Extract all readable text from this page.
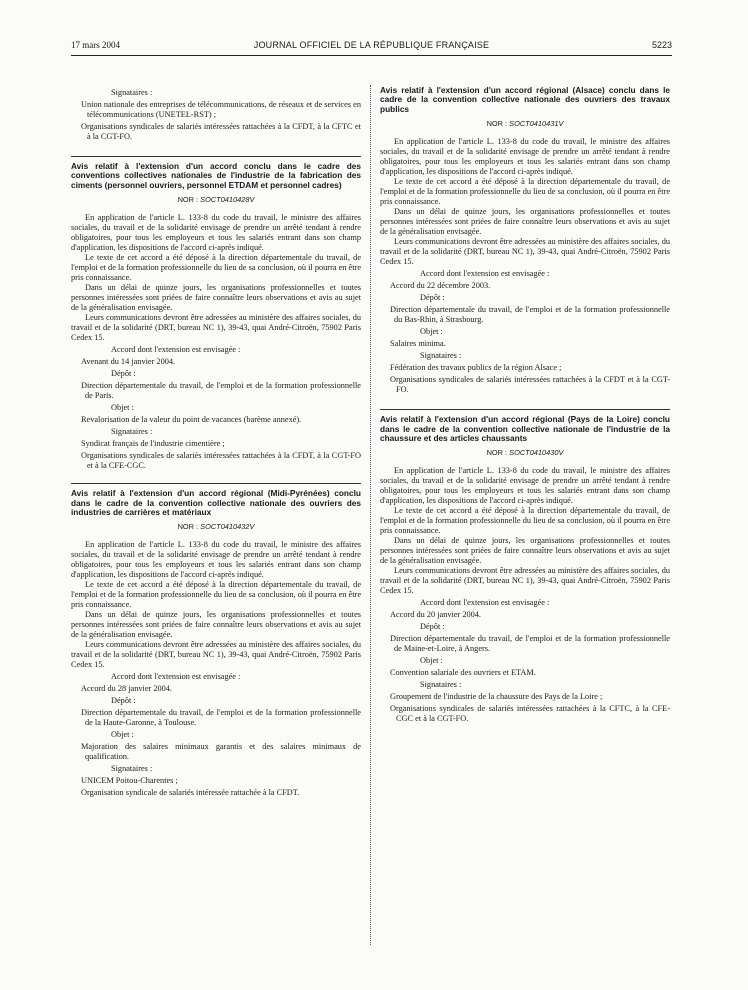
17 mars 2004	JOURNAL OFFICIEL DE LA RÉPUBLIQUE FRANÇAISE	5223

Signataires :

Union nationale des entreprises de télécommunications, de réseaux et de services en télécommunications (UNETEL-RST) ;

Organisations syndicales de salariés intéressées rattachées à la CFDT, à la CFTC et à la CGT-FO.

Avis relatif à l'extension d'un accord conclu dans le cadre des conventions collectives nationales de l'industrie de la fabrication des ciments (personnel ouvriers, personnel ETDAM et personnel cadres)
NOR : SOCT0410428V

En application de l'article L. 133-8 du code du travail, le ministre des affaires sociales, du travail et de la solidarité envisage de prendre un arrêté tendant à rendre obligatoires, pour tous les employeurs et tous les salariés entrant dans son champ d'application, les dispositions de l'accord ci-après indiqué.

Le texte de cet accord a été déposé à la direction départementale du travail, de l'emploi et de la formation professionnelle du lieu de sa conclusion, où il pourra en être pris connaissance.

Dans un délai de quinze jours, les organisations professionnelles et toutes personnes intéressées sont priées de faire connaître leurs observations et avis au sujet de la généralisation envisagée.

Leurs communications devront être adressées au ministère des affaires sociales, du travail et de la solidarité (DRT, bureau NC 1), 39-43, quai André-Citroën, 75902 Paris Cedex 15.

Accord dont l'extension est envisagée :

Avenant du 14 janvier 2004.

Dépôt :

Direction départementale du travail, de l'emploi et de la formation professionnelle de Paris.

Objet :

Revalorisation de la valeur du point de vacances (barème annexé).

Signataires :

Syndicat français de l'industrie cimentière ;

Organisations syndicales de salariés intéressées rattachées à la CFDT, à la CGT-FO et à la CFE-CGC.

Avis relatif à l'extension d'un accord régional (Midi-Pyrénées) conclu dans le cadre de la convention collective nationale des ouvriers des industries de carrières et matériaux
NOR : SOCT0410432V

En application de l'article L. 133-8 du code du travail, le ministre des affaires sociales, du travail et de la solidarité envisage de prendre un arrêté tendant à rendre obligatoires, pour tous les employeurs et tous les salariés entrant dans son champ d'application, les dispositions de l'accord ci-après indiqué.

Le texte de cet accord a été déposé à la direction départementale du travail, de l'emploi et de la formation professionnelle du lieu de sa conclusion, où il pourra en être pris connaissance.

Dans un délai de quinze jours, les organisations professionnelles et toutes personnes intéressées sont priées de faire connaître leurs observations et avis au sujet de la généralisation envisagée.

Leurs communications devront être adressées au ministère des affaires sociales, du travail et de la solidarité (DRT, bureau NC 1), 39-43, quai André-Citroën, 75902 Paris Cedex 15.

Accord dont l'extension est envisagée :

Accord du 28 janvier 2004.

Dépôt :

Direction départementale du travail, de l'emploi et de la formation professionnelle de la Haute-Garonne, à Toulouse.

Objet :

Majoration des salaires minimaux garantis et des salaires minimaux de qualification.

Signataires :

UNICEM Poitou-Charentes ;

Organisation syndicale de salariés intéressée rattachée à la CFDT.

Avis relatif à l'extension d'un accord régional (Alsace) conclu dans le cadre de la convention collective nationale des ouvriers des travaux publics
NOR : SOCT0410431V

En application de l'article L. 133-8 du code du travail, le ministre des affaires sociales, du travail et de la solidarité envisage de prendre un arrêté tendant à rendre obligatoires, pour tous les employeurs et tous les salariés entrant dans son champ d'application, les dispositions de l'accord ci-après indiqué.

Le texte de cet accord a été déposé à la direction départementale du travail, de l'emploi et de la formation professionnelle du lieu de sa conclusion, où il pourra en être pris connaissance.

Dans un délai de quinze jours, les organisations professionnelles et toutes personnes intéressées sont priées de faire connaître leurs observations et avis au sujet de la généralisation envisagée.

Leurs communications devront être adressées au ministère des affaires sociales, du travail et de la solidarité (DRT, bureau NC 1), 39-43, quai André-Citroën, 75902 Paris Cedex 15.

Accord dont l'extension est envisagée :

Accord du 22 décembre 2003.

Dépôt :

Direction départementale du travail, de l'emploi et de la formation professionnelle du Bas-Rhin, à Strasbourg.

Objet :

Salaires minima.

Signataires :

Fédération des travaux publics de la région Alsace ;

Organisations syndicales de salariés intéressées rattachées à la CFDT et à la CGT-FO.

Avis relatif à l'extension d'un accord régional (Pays de la Loire) conclu dans le cadre de la convention collective nationale de l'industrie de la chaussure et des articles chaussants
NOR : SOCT0410430V

En application de l'article L. 133-8 du code du travail, le ministre des affaires sociales, du travail et de la solidarité envisage de prendre un arrêté tendant à rendre obligatoires, pour tous les employeurs et tous les salariés entrant dans son champ d'application, les dispositions de l'accord ci-après indiqué.

Le texte de cet accord a été déposé à la direction départementale du travail, de l'emploi et de la formation professionnelle du lieu de sa conclusion, où il pourra en être pris connaissance.

Dans un délai de quinze jours, les organisations professionnelles et toutes personnes intéressées sont priées de faire connaître leurs observations et avis au sujet de la généralisation envisagée.

Leurs communications devront être adressées au ministère des affaires sociales, du travail et de la solidarité (DRT, bureau NC 1), 39-43, quai André-Citroën, 75902 Paris Cedex 15.

Accord dont l'extension est envisagée :

Accord du 20 janvier 2004.

Dépôt :

Direction départementale du travail, de l'emploi et de la formation professionnelle de Maine-et-Loire, à Angers.

Objet :

Convention salariale des ouvriers et ETAM.

Signataires :

Groupement de l'industrie de la chaussure des Pays de la Loire ;

Organisations syndicales de salariés intéressées rattachées à la CFTC, à la CFE-CGC et à la CGT-FO.
